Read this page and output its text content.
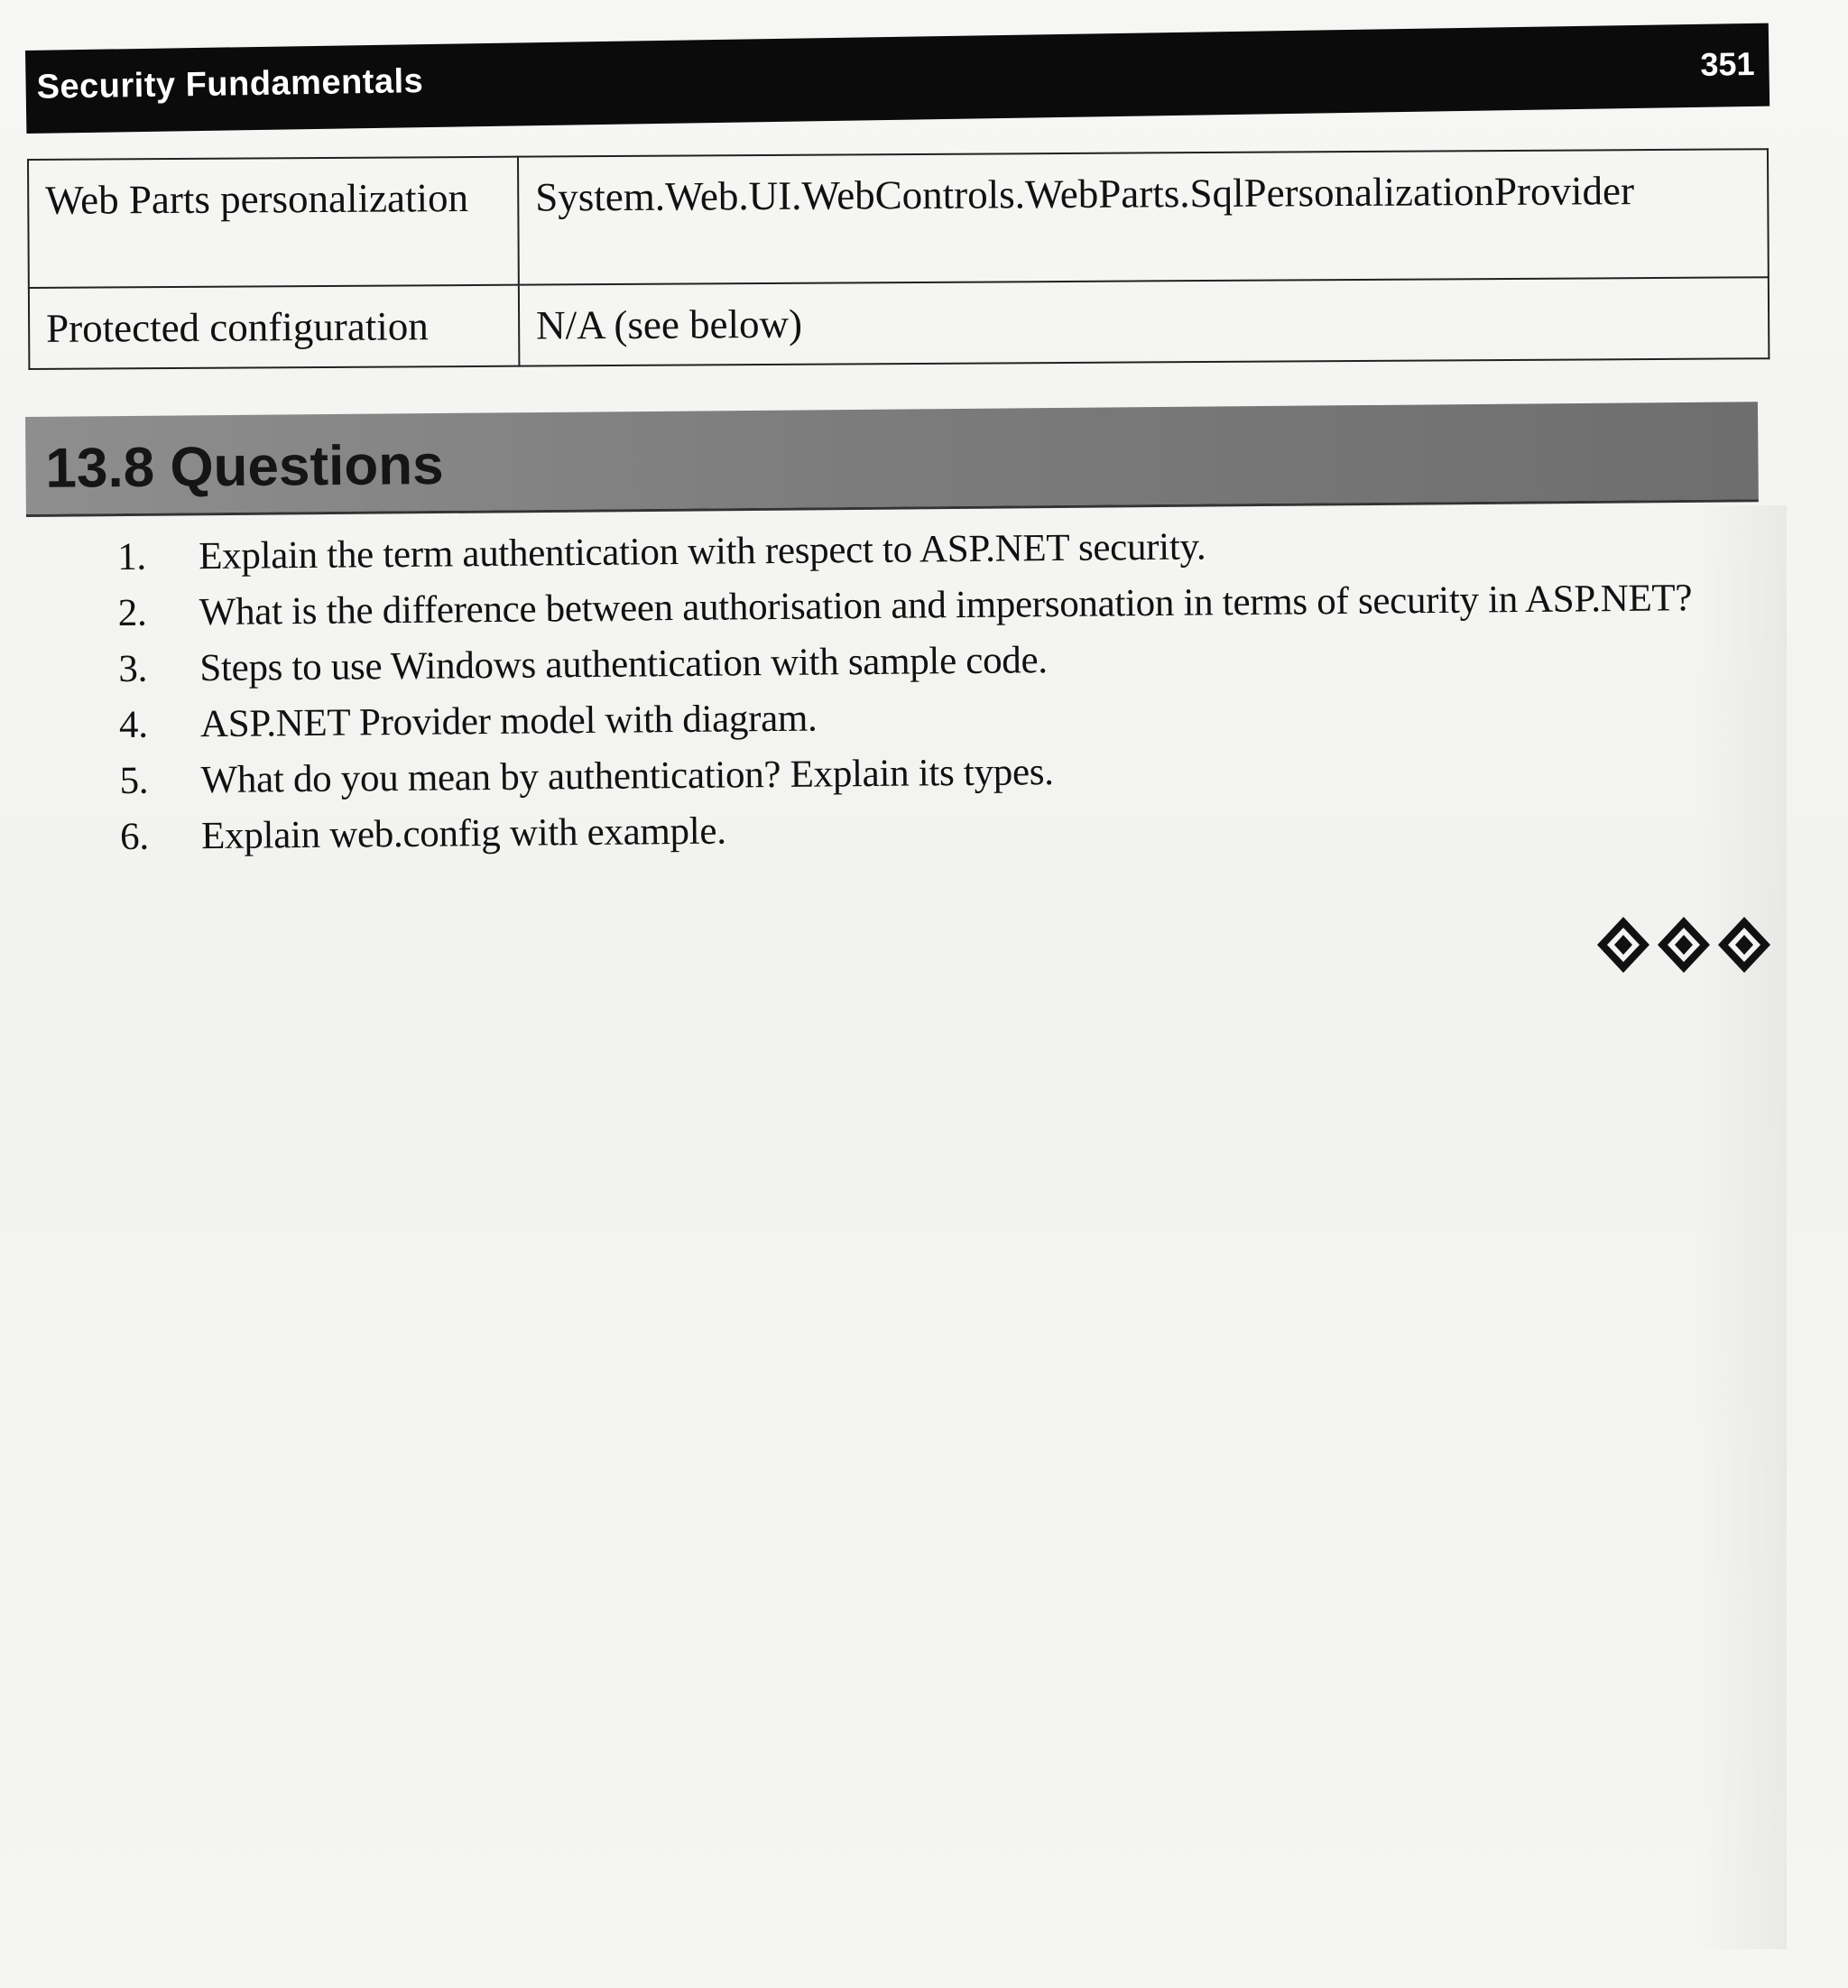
Security Fundamentals	351
Web Parts personalization	System.Web.UI.WebControls.WebParts.SqlPersonalizationProvider
Protected configuration	N/A (see below)
13.8 Questions
1.	Explain the term authentication with respect to ASP.NET security.
2.	What is the difference between authorisation and impersonation in terms of security in ASP.NET?
3.	Steps to use Windows authentication with sample code.
4.	ASP.NET Provider model with diagram.
5.	What do you mean by authentication? Explain its types.
6.	Explain web.config with example.
